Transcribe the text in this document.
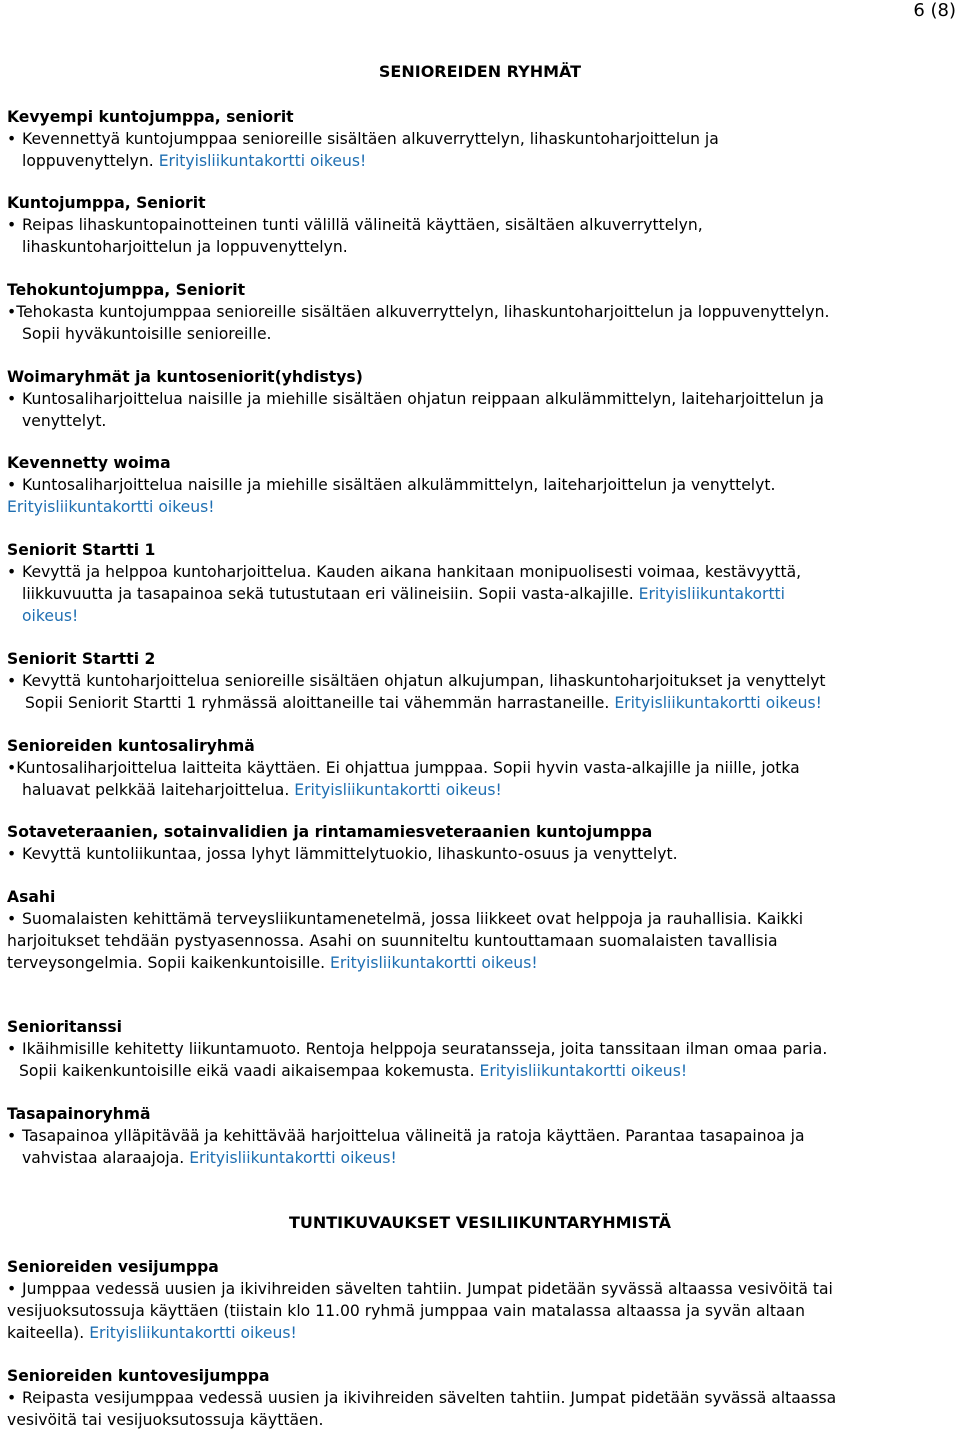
6 (8)
SENIOREIDEN RYHMÄT
Kevyempi kuntojumppa, seniorit
• Kevennettyä kuntojumppaa senioreille sisältäen alkuverryttelyn, lihaskuntoharjoittelun ja
loppuvenyttelyn. Erityisliikuntakortti oikeus!
Kuntojumppa, Seniorit
• Reipas lihaskuntopainotteinen tunti välillä välineitä käyttäen, sisältäen alkuverryttelyn,
lihaskuntoharjoittelun ja loppuvenyttelyn.
Tehokuntojumppa, Seniorit
•Tehokasta kuntojumppaa senioreille sisältäen alkuverryttelyn, lihaskuntoharjoittelun ja loppuvenyttelyn.
Sopii hyväkuntoisille senioreille.
Woimaryhmät ja kuntoseniorit(yhdistys)
• Kuntosaliharjoittelua naisille ja miehille sisältäen ohjatun reippaan alkulämmittelyn, laiteharjoittelun ja
venyttelyt.
Kevennetty woima
• Kuntosaliharjoittelua naisille ja miehille sisältäen alkulämmittelyn, laiteharjoittelun ja venyttelyt.
Erityisliikuntakortti oikeus!
Seniorit Startti 1
• Kevyttä ja helppoa kuntoharjoittelua. Kauden aikana hankitaan monipuolisesti voimaa, kestävyyttä,
liikkuvuutta ja tasapainoa sekä tutustutaan eri välineisiin. Sopii vasta-alkajille. Erityisliikuntakortti
oikeus!
Seniorit Startti 2
• Kevyttä kuntoharjoittelua senioreille sisältäen ohjatun alkujumpan, lihaskuntoharjoitukset ja venyttelyt
Sopii Seniorit Startti 1 ryhmässä aloittaneille tai vähemmän harrastaneille. Erityisliikuntakortti oikeus!
Senioreiden kuntosaliryhmä
•Kuntosaliharjoittelua laitteita käyttäen. Ei ohjattua jumppaa. Sopii hyvin vasta-alkajille ja niille, jotka
haluavat pelkkää laiteharjoittelua. Erityisliikuntakortti oikeus!
Sotaveteraanien, sotainvalidien ja rintamamiesveteraanien kuntojumppa
• Kevyttä kuntoliikuntaa, jossa lyhyt lämmittelytuokio, lihaskunto-osuus ja venyttelyt.
Asahi
• Suomalaisten kehittämä terveysliikuntamenetelmä, jossa liikkeet ovat helppoja ja rauhallisia. Kaikki
harjoitukset tehdään pystyasennossa. Asahi on suunniteltu kuntouttamaan suomalaisten tavallisia
terveysongelmia. Sopii kaikenkuntoisille. Erityisliikuntakortti oikeus!
Senioritanssi
• Ikäihmisille kehitetty liikuntamuoto. Rentoja helppoja seuratansseja, joita tanssitaan ilman omaa paria.
Sopii kaikenkuntoisille eikä vaadi aikaisempaa kokemusta. Erityisliikuntakortti oikeus!
Tasapainoryhmä
• Tasapainoa ylläpitävää ja kehittävää harjoittelua välineitä ja ratoja käyttäen. Parantaa tasapainoa ja
vahvistaa alaraajoja. Erityisliikuntakortti oikeus!
TUNTIKUVAUKSET VESILIIKUNTARYHMISTÄ
Senioreiden vesijumppa
• Jumppaa vedessä uusien ja ikivihreiden sävelten tahtiin. Jumpat pidetään syvässä altaassa vesivöitä tai
vesijuoksutossuja käyttäen (tiistain klo 11.00 ryhmä jumppaa vain matalassa altaassa ja syvän altaan
kaiteella). Erityisliikuntakortti oikeus!
Senioreiden kuntovesijumppa
• Reipasta vesijumppaa vedessä uusien ja ikivihreiden sävelten tahtiin. Jumpat pidetään syvässä altaassa
vesivöitä tai vesijuoksutossuja käyttäen.
